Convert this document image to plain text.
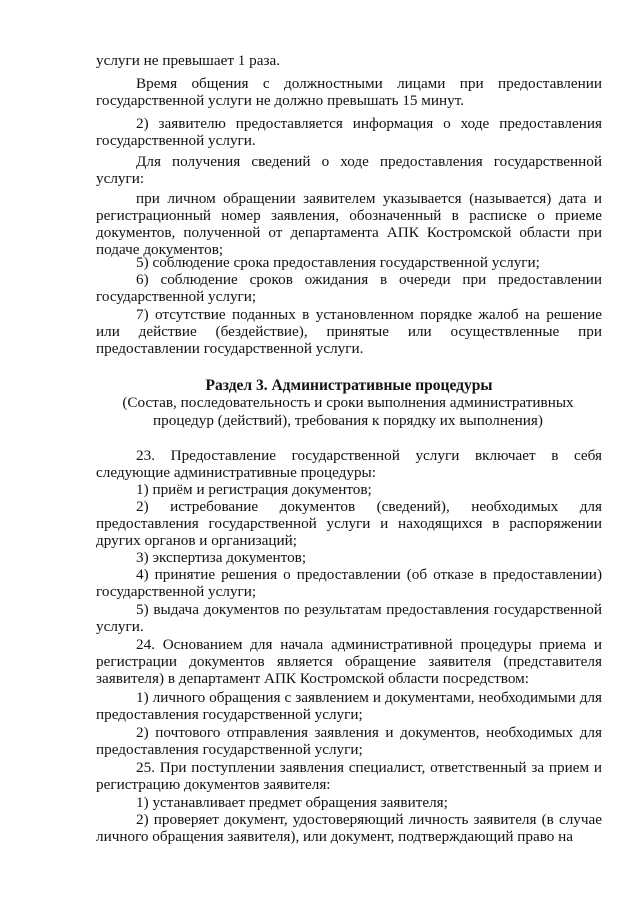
услуги не превышает 1 раза.

Время общения с должностными лицами при предоставлении государственной услуги не должно превышать 15 минут.

2) заявителю предоставляется информация о ходе предоставления государственной услуги.

Для получения сведений о ходе предоставления государственной услуги:

при личном обращении заявителем указывается (называется) дата и регистрационный номер заявления, обозначенный в расписке о приеме документов, полученной от департамента АПК Костромской области при подаче документов;

5) соблюдение срока предоставления государственной услуги;

6) соблюдение сроков ожидания в очереди при предоставлении государственной услуги;

7) отсутствие поданных в установленном порядке жалоб на решение или действие (бездействие), принятые или осуществленные при предоставлении государственной услуги.

Раздел 3. Административные процедуры

(Состав, последовательность и сроки выполнения административных процедур (действий), требования к порядку их выполнения)

23. Предоставление государственной услуги включает в себя следующие административные процедуры:

1) приём и регистрация документов;

2) истребование документов (сведений), необходимых для предоставления государственной услуги и находящихся в распоряжении других органов и организаций;

3) экспертиза документов;

4) принятие решения о предоставлении (об отказе в предоставлении) государственной услуги;

5) выдача документов по результатам предоставления государственной услуги.

24. Основанием для начала административной процедуры приема и регистрации документов является обращение заявителя (представителя заявителя) в департамент АПК Костромской области посредством:

1) личного обращения с заявлением и документами, необходимыми для предоставления государственной услуги;

2) почтового отправления заявления и документов, необходимых для предоставления государственной услуги;

25. При поступлении заявления специалист, ответственный за прием и регистрацию документов заявителя:

1) устанавливает предмет обращения заявителя;

2) проверяет документ, удостоверяющий личность заявителя (в случае личного обращения заявителя), или документ, подтверждающий право на
